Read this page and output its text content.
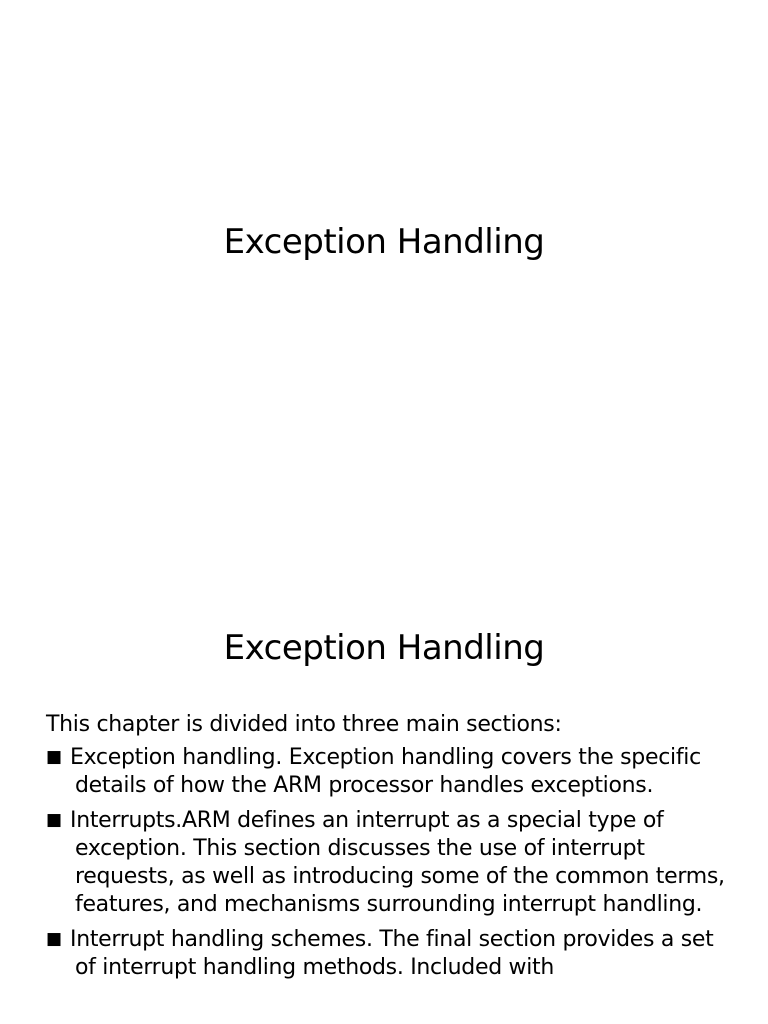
Exception Handling
Exception Handling

This chapter is divided into three main sections:

■ Exception handling. Exception handling covers the specific details of how the ARM processor handles exceptions.

■ Interrupts.ARM defines an interrupt as a special type of exception. This section discusses the use of interrupt requests, as well as introducing some of the common terms, features, and mechanisms surrounding interrupt handling.

■ Interrupt handling schemes. The final section provides a set of interrupt handling methods. Included with
